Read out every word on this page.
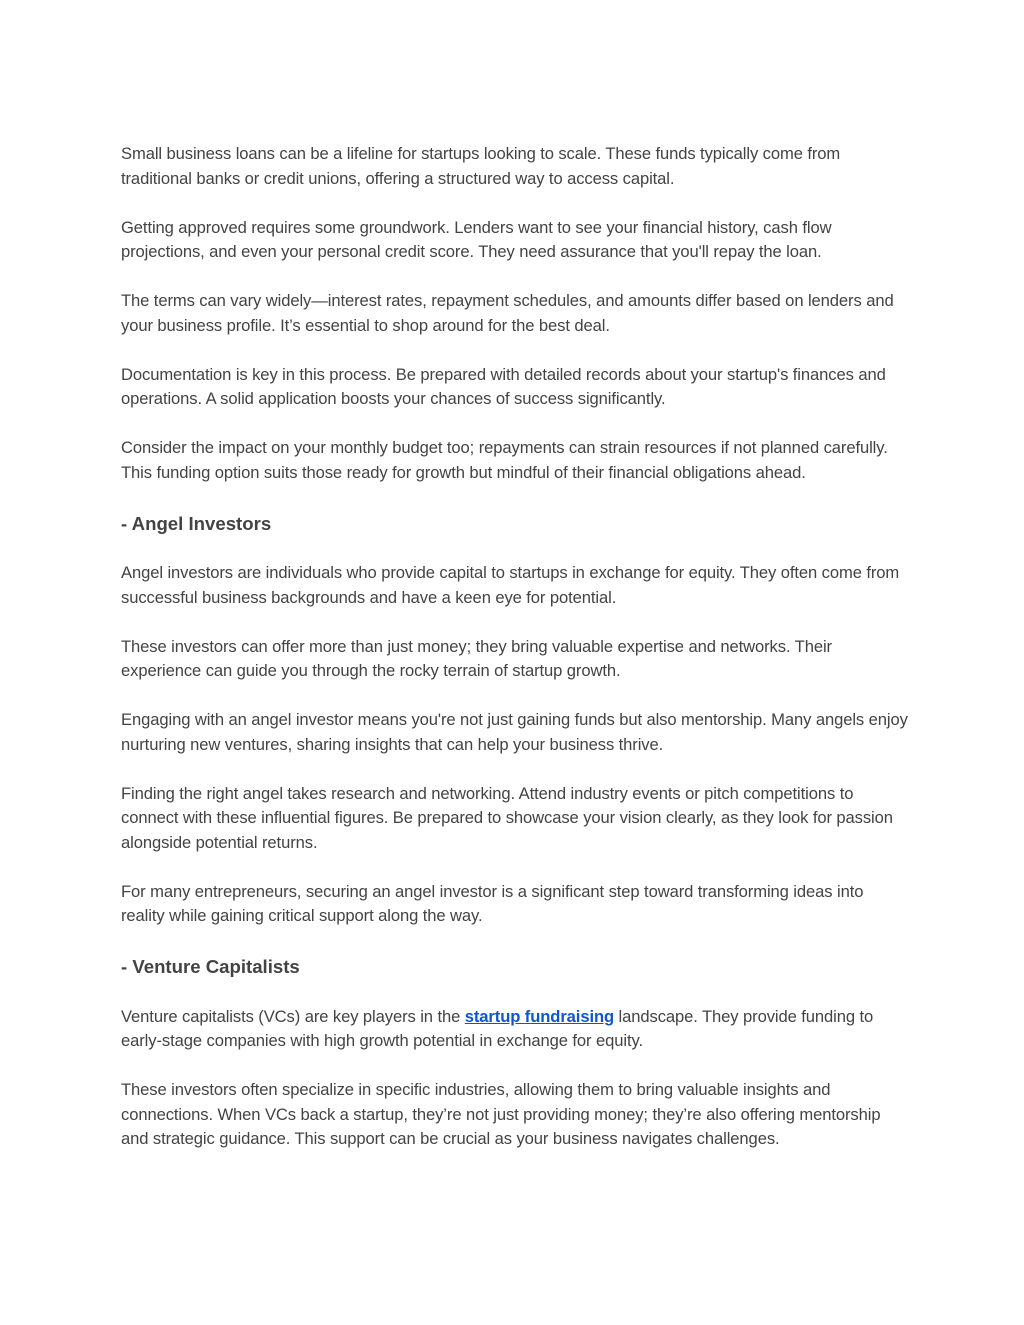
Small business loans can be a lifeline for startups looking to scale. These funds typically come from traditional banks or credit unions, offering a structured way to access capital.

Getting approved requires some groundwork. Lenders want to see your financial history, cash flow projections, and even your personal credit score. They need assurance that you'll repay the loan.

The terms can vary widely—interest rates, repayment schedules, and amounts differ based on lenders and your business profile. It’s essential to shop around for the best deal.

Documentation is key in this process. Be prepared with detailed records about your startup's finances and operations. A solid application boosts your chances of success significantly.

Consider the impact on your monthly budget too; repayments can strain resources if not planned carefully. This funding option suits those ready for growth but mindful of their financial obligations ahead.

- Angel Investors

Angel investors are individuals who provide capital to startups in exchange for equity. They often come from successful business backgrounds and have a keen eye for potential.

These investors can offer more than just money; they bring valuable expertise and networks. Their experience can guide you through the rocky terrain of startup growth.

Engaging with an angel investor means you're not just gaining funds but also mentorship. Many angels enjoy nurturing new ventures, sharing insights that can help your business thrive.

Finding the right angel takes research and networking. Attend industry events or pitch competitions to connect with these influential figures. Be prepared to showcase your vision clearly, as they look for passion alongside potential returns.

For many entrepreneurs, securing an angel investor is a significant step toward transforming ideas into reality while gaining critical support along the way.

- Venture Capitalists

Venture capitalists (VCs) are key players in the startup fundraising landscape. They provide funding to early-stage companies with high growth potential in exchange for equity.

These investors often specialize in specific industries, allowing them to bring valuable insights and connections. When VCs back a startup, they’re not just providing money; they’re also offering mentorship and strategic guidance. This support can be crucial as your business navigates challenges.
